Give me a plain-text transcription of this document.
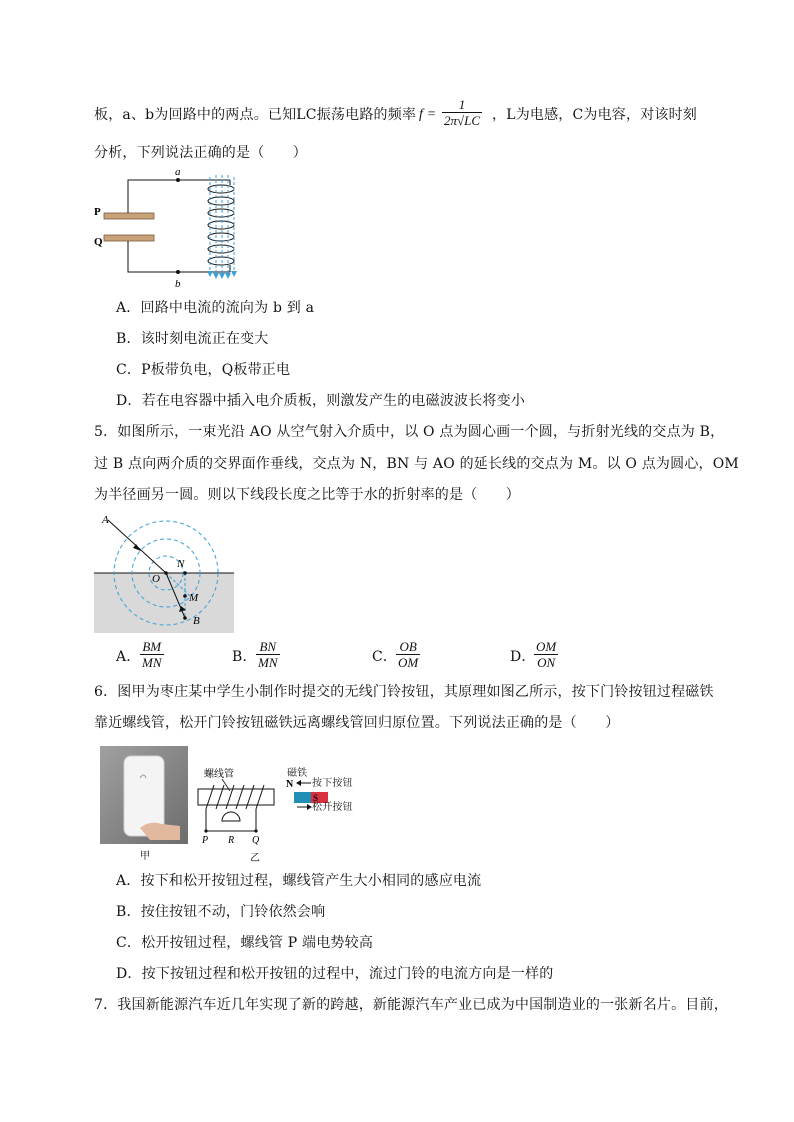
板，a、b为回路中的两点。已知LC振荡电路的频率 $f = \frac{1}{2\pi√LC}$ ，L为电感，C为电容，对该时刻
分析，下列说法正确的是（　　）
a
b
P
Q
A．回路中电流的流向为 b 到 a
B．该时刻电流正在变大
C．P板带负电，Q板带正电
D．若在电容器中插入电介质板，则激发产生的电磁波波长将变小
5．如图所示，一束光沿 AO 从空气射入介质中，以 O 点为圆心画一个圆，与折射光线的交点为 B，
过 B 点向两介质的交界面作垂线，交点为 N，BN 与 AO 的延长线的交点为 M。以 O 点为圆心，OM
为半径画另一圆。则以下线段长度之比等于水的折射率的是（　　）
A
O
N
M
B
A． $\frac{BM}{MN}$	B． $\frac{BN}{MN}$	C．
$\frac{OB}{OM}$	D．
$\frac{OM}{ON}$
6．图甲为枣庄某中学生小制作时提交的无线门铃按钮，其原理如图乙所示，按下门铃按钮过程磁铁
靠近螺线管，松开门铃按钮磁铁远离螺线管回归原位置。下列说法正确的是（　　）
甲
螺线管
P R Q
乙
N
S
磁铁
按下按钮
松开按钮
A．按下和松开按钮过程，螺线管产生大小相同的感应电流
B．按住按钮不动，门铃依然会响
C．松开按钮过程，螺线管 P 端电势较高
D．按下按钮过程和松开按钮的过程中，流过门铃的电流方向是一样的
7．我国新能源汽车近几年实现了新的跨越，新能源汽车产业已成为中国制造业的一张新名片。目前，
